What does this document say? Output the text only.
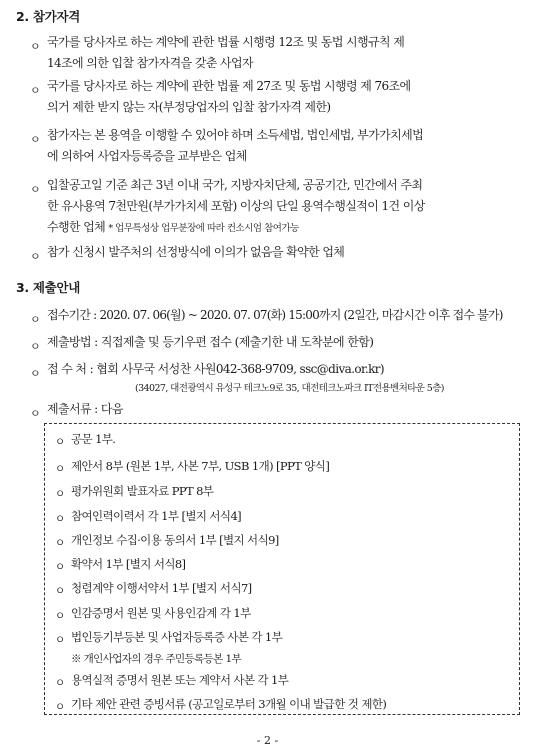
2. 참가자격
ㅇ 국가를 당사자로 하는 계약에 관한 법률 시행령 12조 및 동법 시행규칙 제
14조에 의한 입찰 참가자격을 갖춘 사업자
ㅇ 국가를 당사자로 하는 계약에 관한 법률 제 27조 및 동법 시행령 제 76조에
의거 제한 받지 않는 자(부정당업자의 입찰 참가자격 제한)
ㅇ 참가자는 본 용역을 이행할 수 있어야 하며 소득세법, 법인세법, 부가가치세법
에 의하여 사업자등록증을 교부받은 업체
ㅇ 입찰공고일 기준 최근 3년 이내 국가, 지방자치단체, 공공기간, 민간에서 주최
한 유사용역 7천만원(부가가치세 포함) 이상의 단일 용역수행실적이 1건 이상
수행한 업체 * 업무특성상 업무분장에 따라 컨소시엄 참여가능
ㅇ 참가 신청시 발주처의 선정방식에 이의가 없음을 확약한 업체
3. 제출안내
ㅇ 접수기간 : 2020. 07. 06(월) ~ 2020. 07. 07(화) 15:00까지 (2일간, 마감시간 이후 접수 불가)
ㅇ 제출방법 : 직접제출 및 등기우편 접수 (제출기한 내 도착분에 한함)
ㅇ 접 수 처 : 협회 사무국 서성찬 사원042-368-9709, ssc@diva.or.kr)
(34027, 대전광역시 유성구 테크노9로 35, 대전테크노파크 IT전용벤처타운 5층)
ㅇ 제출서류 : 다음
ㅇ 공문 1부.
ㅇ 제안서 8부 (원본 1부, 사본 7부, USB 1개) [PPT 양식]
ㅇ 평가위원회 발표자료 PPT 8부
ㅇ 참여인력이력서 각 1부 [별지 서식4]
ㅇ 개인정보 수집·이용 동의서 1부 [별지 서식9]
ㅇ 확약서 1부 [별지 서식8]
ㅇ 청렴계약 이행서약서 1부 [별지 서식7]
ㅇ 인감증명서 원본 및 사용인감계 각 1부
ㅇ 법인등기부등본 및 사업자등록증 사본 각 1부
※ 개인사업자의 경우 주민등록등본 1부
ㅇ 용역실적 증명서 원본 또는 계약서 사본 각 1부
ㅇ 기타 제안 관련 증빙서류 (공고일로부터 3개월 이내 발급한 것 제한)
- 2 -
